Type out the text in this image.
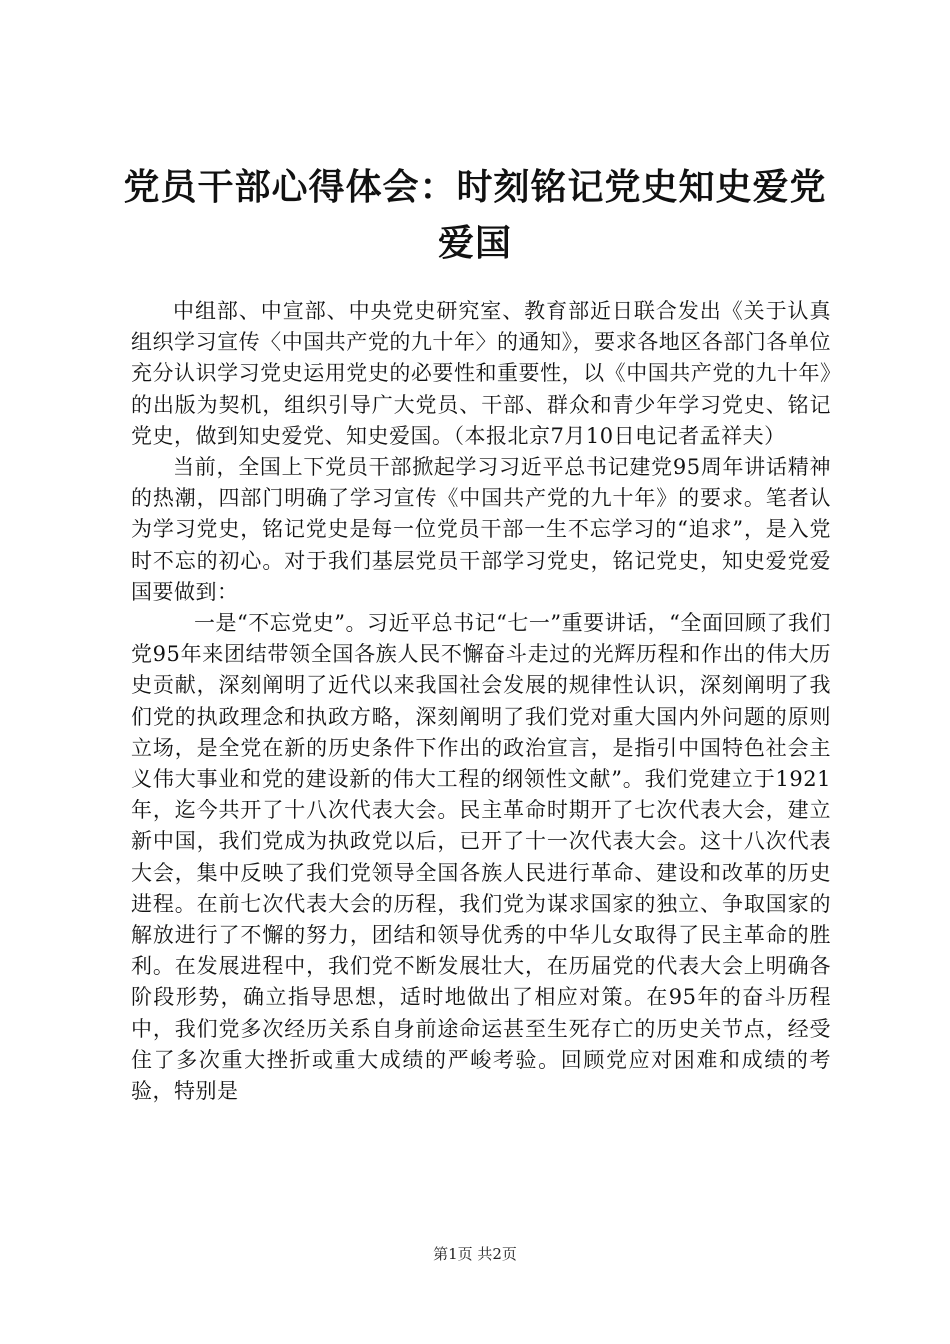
党员干部心得体会：时刻铭记党史知史爱党爱国

中组部、中宣部、中央党史研究室、教育部近日联合发出《关于认真组织学习宣传〈中国共产党的九十年〉的通知》，要求各地区各部门各单位充分认识学习党史运用党史的必要性和重要性，以《中国共产党的九十年》的出版为契机，组织引导广大党员、干部、群众和青少年学习党史、铭记党史，做到知史爱党、知史爱国。（本报北京7月10日电记者孟祥夫）

当前，全国上下党员干部掀起学习习近平总书记建党95周年讲话精神的热潮，四部门明确了学习宣传《中国共产党的九十年》的要求。笔者认为学习党史，铭记党史是每一位党员干部一生不忘学习的“追求”，是入党时不忘的初心。对于我们基层党员干部学习党史，铭记党史，知史爱党爱国要做到：

一是“不忘党史”。习近平总书记“七一”重要讲话，“全面回顾了我们党95年来团结带领全国各族人民不懈奋斗走过的光辉历程和作出的伟大历史贡献，深刻阐明了近代以来我国社会发展的规律性认识，深刻阐明了我们党的执政理念和执政方略，深刻阐明了我们党对重大国内外问题的原则立场，是全党在新的历史条件下作出的政治宣言，是指引中国特色社会主义伟大事业和党的建设新的伟大工程的纲领性文献”。我们党建立于1921年，迄今共开了十八次代表大会。民主革命时期开了七次代表大会，建立新中国，我们党成为执政党以后，已开了十一次代表大会。这十八次代表大会，集中反映了我们党领导全国各族人民进行革命、建设和改革的历史进程。在前七次代表大会的历程，我们党为谋求国家的独立、争取国家的解放进行了不懈的努力，团结和领导优秀的中华儿女取得了民主革命的胜利。在发展进程中，我们党不断发展壮大，在历届党的代表大会上明确各阶段形势，确立指导思想，适时地做出了相应对策。在95年的奋斗历程中，我们党多次经历关系自身前途命运甚至生死存亡的历史关节点，经受住了多次重大挫折或重大成绩的严峻考验。回顾党应对困难和成绩的考验，特别是

第1页 共2页
